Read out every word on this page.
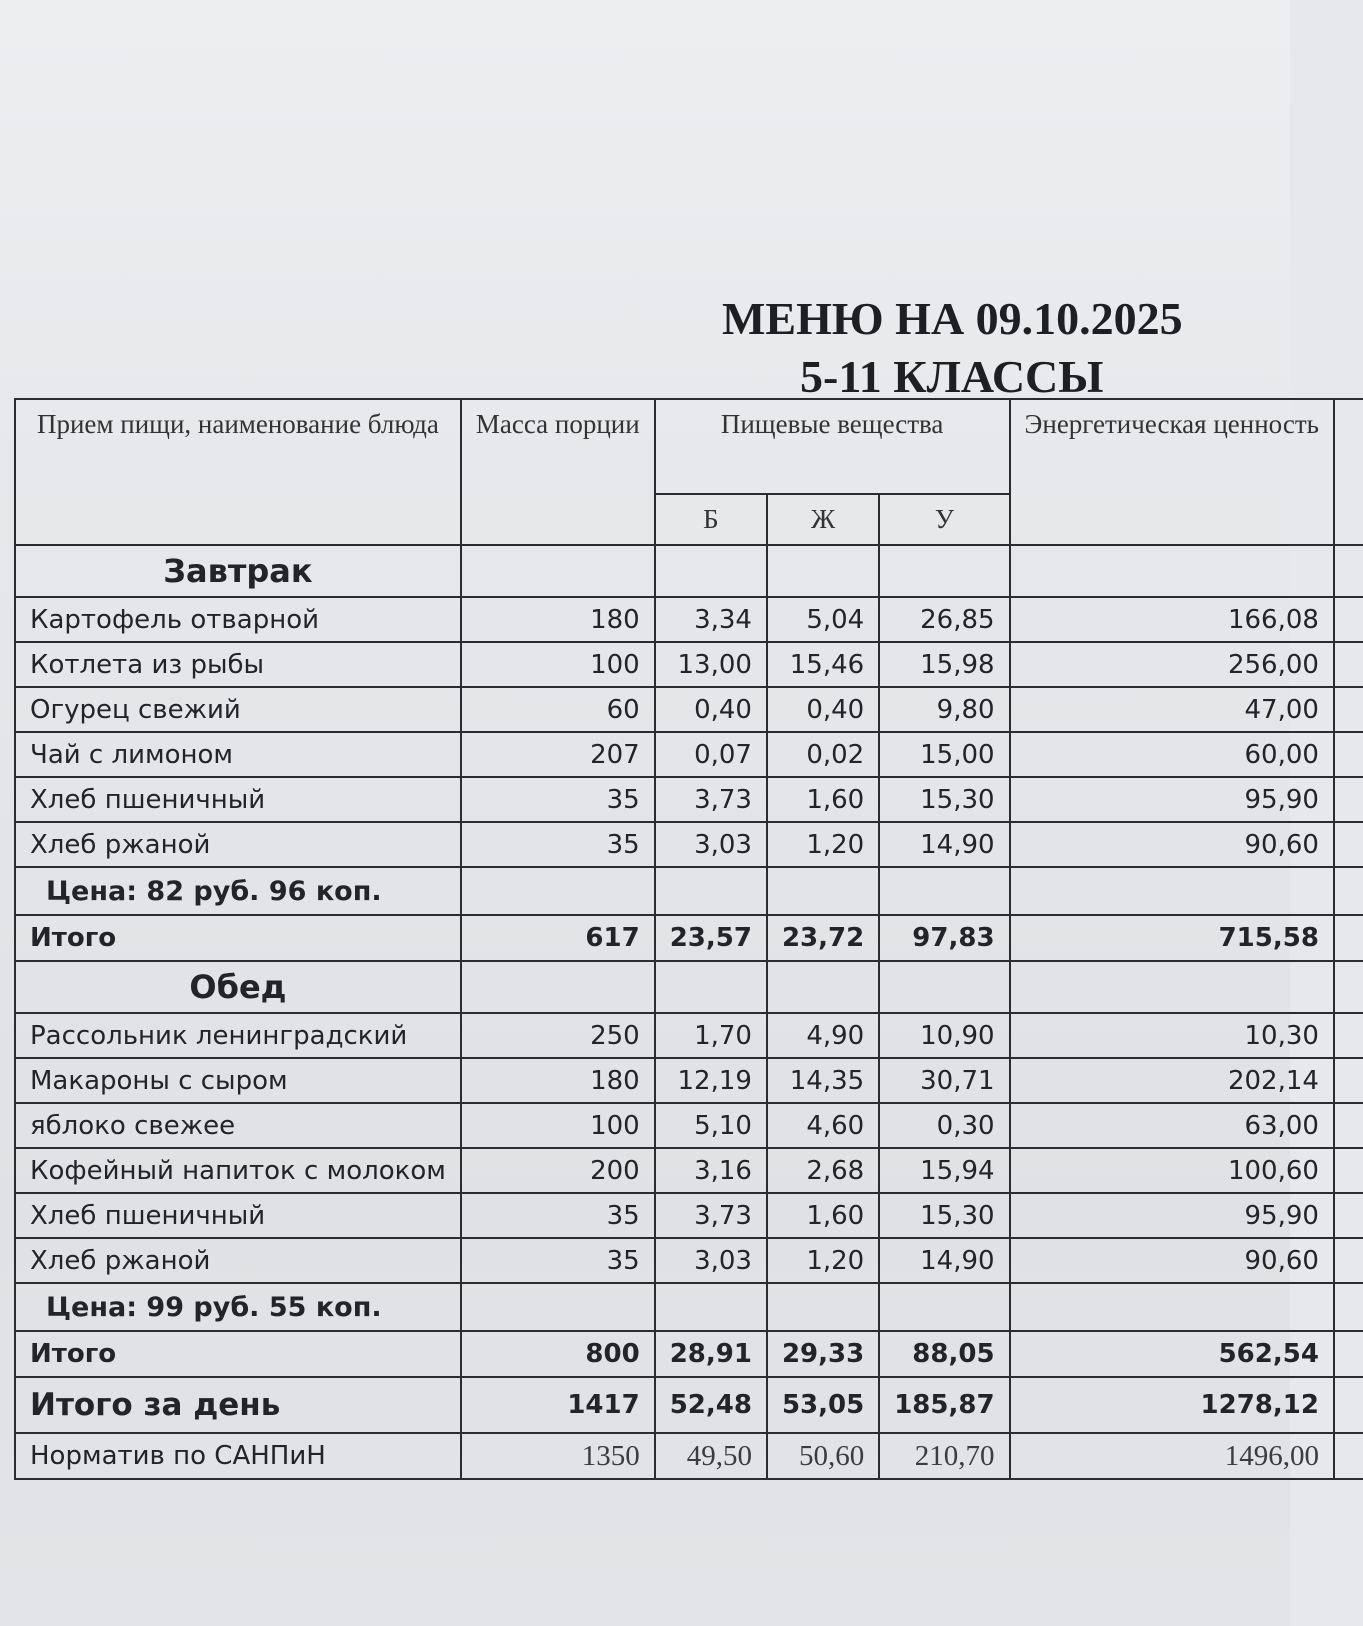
МЕНЮ НА 09.10.2025
5-11 КЛАССЫ
Прием пищи, наименование блюда	Масса порции	Пищевые вещества			Энергетическая ценность	
		Б	Ж	У		
Завтрак						
Картофель отварной	180	3,34	5,04	26,85	166,08	
Котлета из рыбы	100	13,00	15,46	15,98	256,00	
Огурец свежий	60	0,40	0,40	9,80	47,00	
Чай с лимоном	207	0,07	0,02	15,00	60,00	
Хлеб пшеничный	35	3,73	1,60	15,30	95,90	
Хлеб ржаной	35	3,03	1,20	14,90	90,60	
Цена: 82 руб. 96 коп.						
Итого	617	23,57	23,72	97,83	715,58	
Обед						
Рассольник ленинградский	250	1,70	4,90	10,90	10,30	
Макароны с сыром	180	12,19	14,35	30,71	202,14	
яблоко свежее	100	5,10	4,60	0,30	63,00	
Кофейный напиток с молоком	200	3,16	2,68	15,94	100,60	
Хлеб пшеничный	35	3,73	1,60	15,30	95,90	
Хлеб ржаной	35	3,03	1,20	14,90	90,60	
Цена: 99 руб. 55 коп.						
Итого	800	28,91	29,33	88,05	562,54	
Итого за день	1417	52,48	53,05	185,87	1278,12	
Норматив по САНПиН	1350	49,50	50,60	210,70	1496,00	
